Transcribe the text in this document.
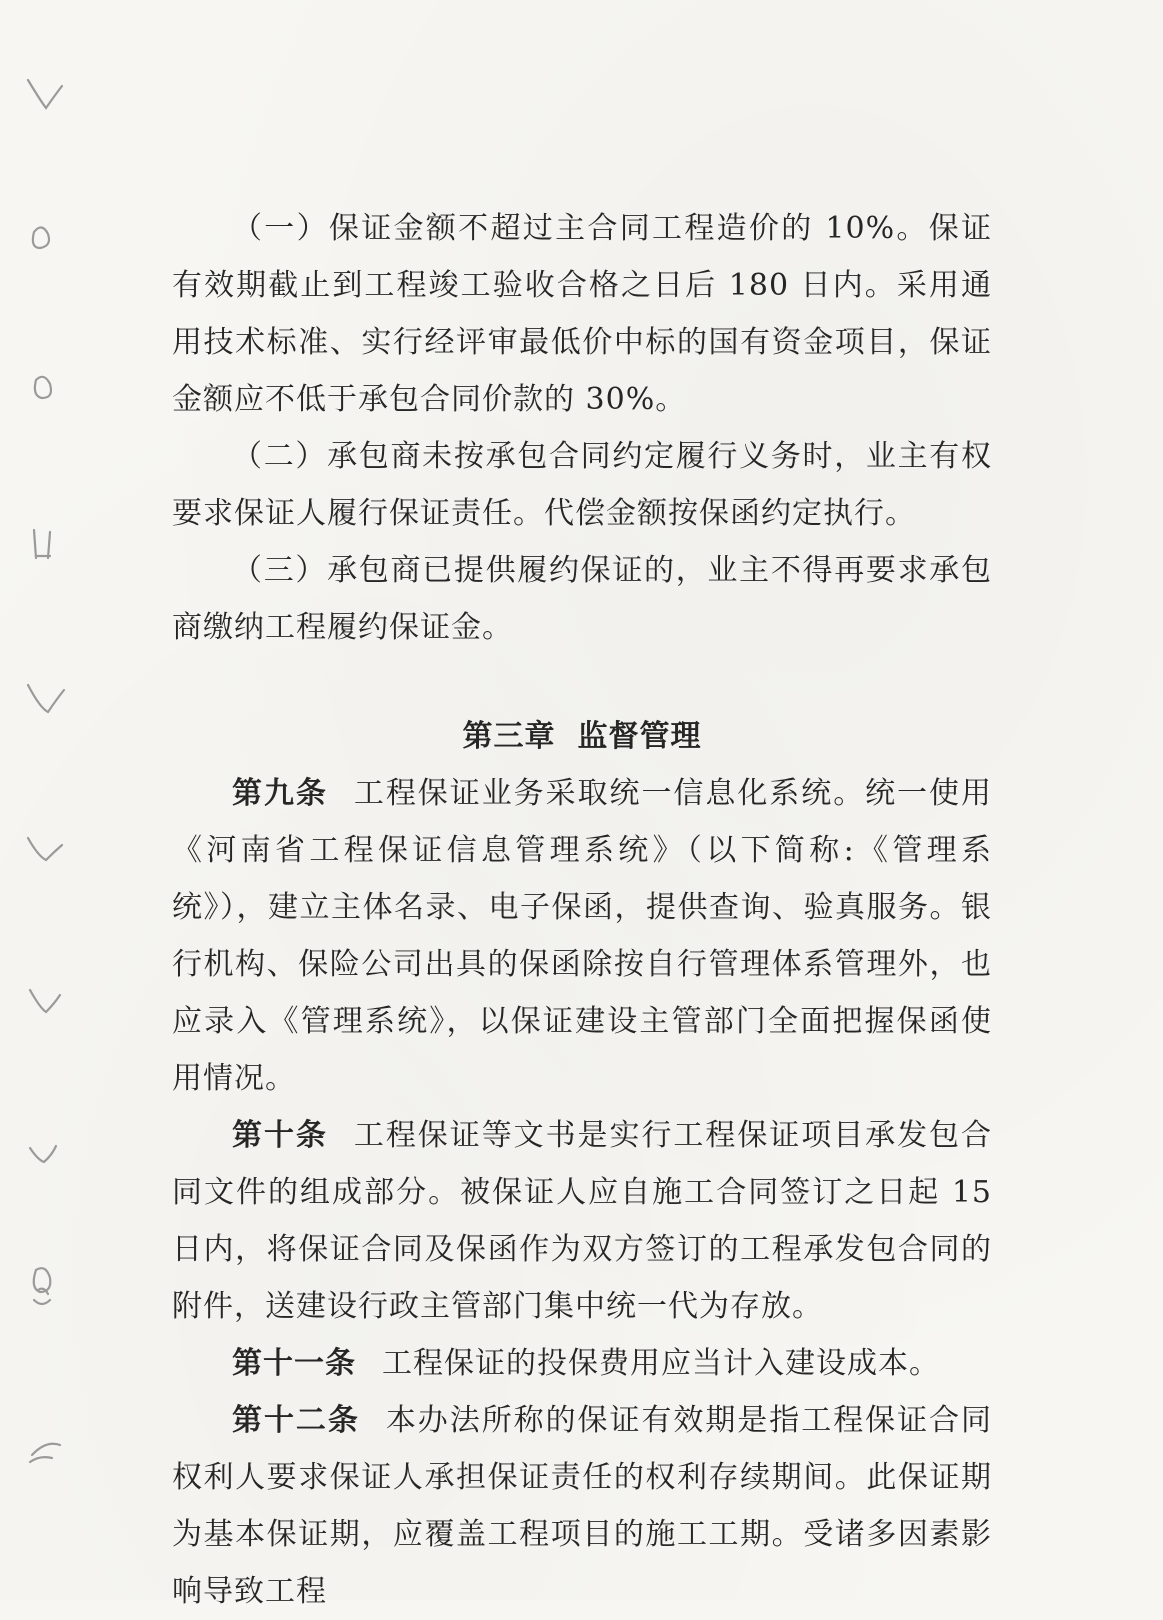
（一）保证金额不超过主合同工程造价的 10%。保证有效期截止到工程竣工验收合格之日后 180 日内。采用通用技术标准、实行经评审最低价中标的国有资金项目，保证金额应不低于承包合同价款的 30%。

（二）承包商未按承包合同约定履行义务时，业主有权要求保证人履行保证责任。代偿金额按保函约定执行。

（三）承包商已提供履约保证的，业主不得再要求承包商缴纳工程履约保证金。

第三章 监督管理

第九条 工程保证业务采取统一信息化系统。统一使用《河南省工程保证信息管理系统》（以下简称:《管理系统》），建立主体名录、电子保函，提供查询、验真服务。银行机构、保险公司出具的保函除按自行管理体系管理外，也应录入《管理系统》，以保证建设主管部门全面把握保函使用情况。

第十条 工程保证等文书是实行工程保证项目承发包合同文件的组成部分。被保证人应自施工合同签订之日起 15 日内，将保证合同及保函作为双方签订的工程承发包合同的附件，送建设行政主管部门集中统一代为存放。

第十一条 工程保证的投保费用应当计入建设成本。

第十二条 本办法所称的保证有效期是指工程保证合同权利人要求保证人承担保证责任的权利存续期间。此保证期为基本保证期，应覆盖工程项目的施工工期。受诸多因素影响导致工程
